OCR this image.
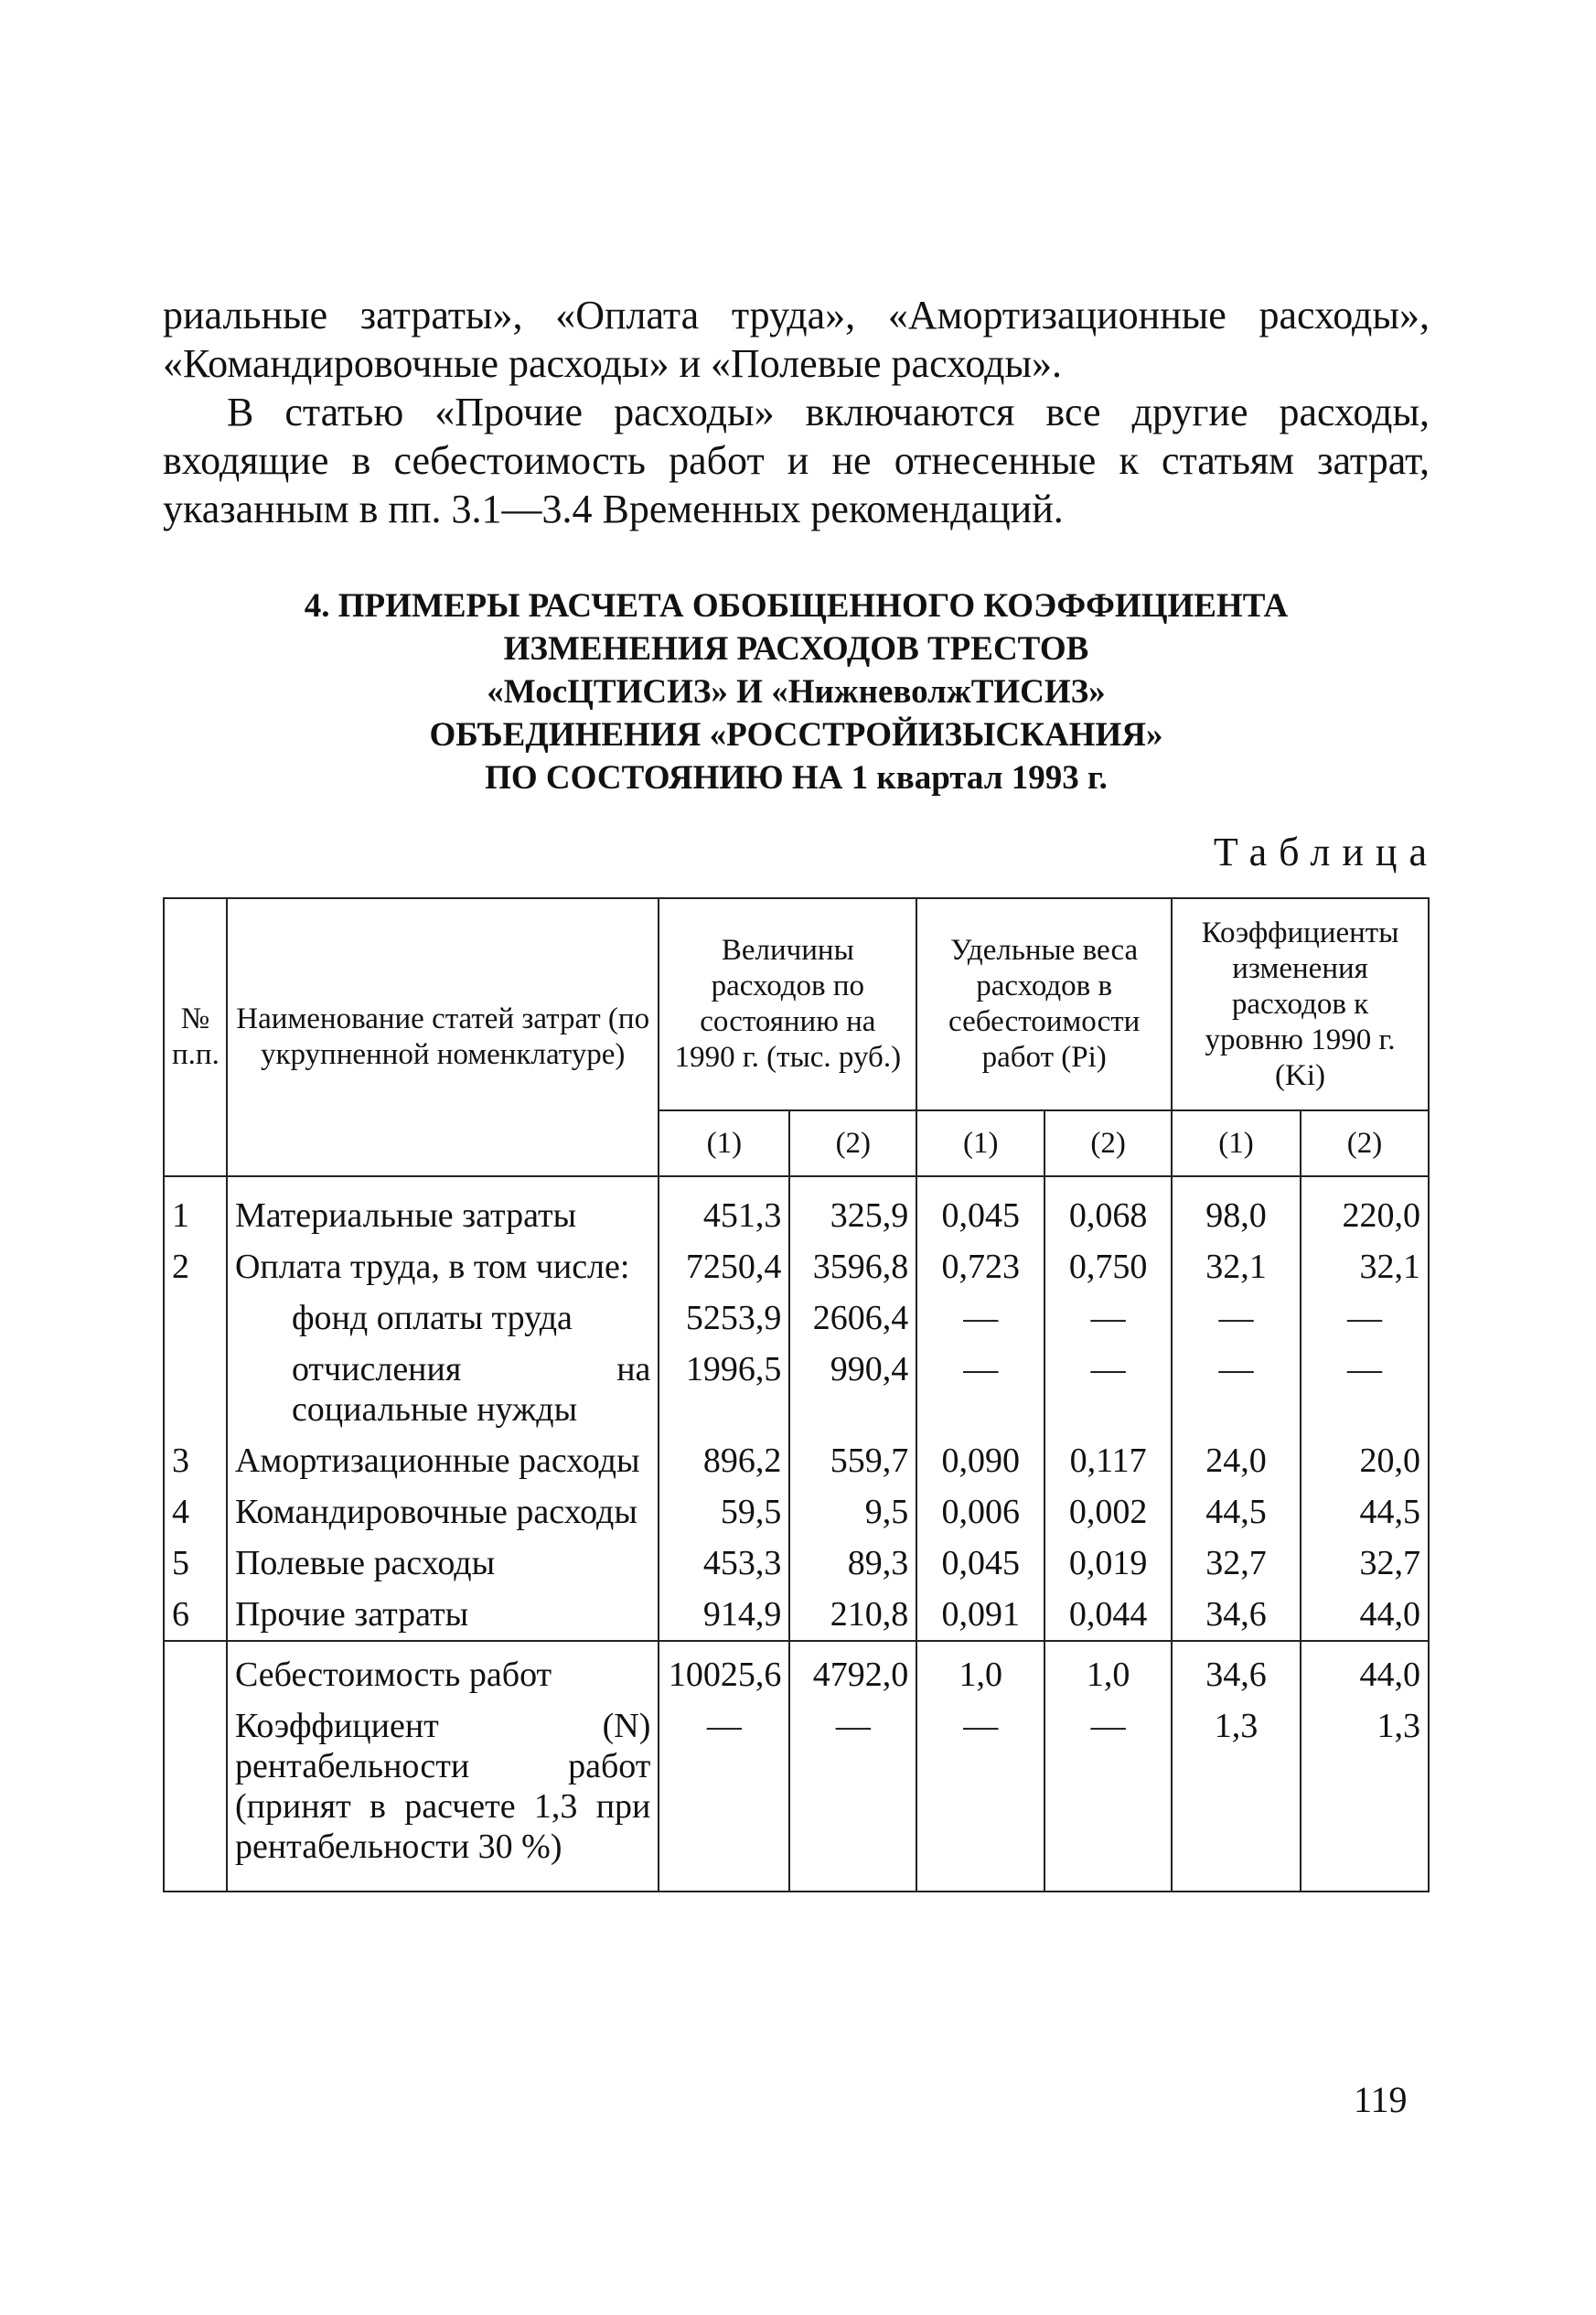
риальные затраты», «Оплата труда», «Амортизационные расходы», «Командировочные расходы» и «Полевые расходы».

В статью «Прочие расходы» включаются все другие расходы, входящие в себестоимость работ и не отнесенные к статьям затрат, указанным в пп. 3.1—3.4 Временных рекомендаций.

4. ПРИМЕРЫ РАСЧЕТА ОБОБЩЕННОГО КОЭФФИЦИЕНТА
ИЗМЕНЕНИЯ РАСХОДОВ ТРЕСТОВ
«МосЦТИСИЗ» И «НижневолжТИСИЗ»
ОБЪЕДИНЕНИЯ «РОССТРОЙИЗЫСКАНИЯ»
ПО СОСТОЯНИЮ НА 1 квартал 1993 г.
Таблица
№ п.п.	Наименование статей затрат (по укрупненной номенклатуре)	Величины расходов по состоянию на 1990 г. (тыс. руб.)		Удельные веса расходов в себестоимости работ (Pi)		Коэффициенты изменения расходов к уровню 1990 г. (Ki)	
		(1)	(2)	(1)	(2)	(1)	(2)
1	Материальные затраты	451,3	325,9	0,045	0,068	98,0	220,0
2	Оплата труда, в том числе:	7250,4	3596,8	0,723	0,750	32,1	32,1
	фонд оплаты труда	5253,9	2606,4	—	—	—	—
	отчисления на социальные нужды	1996,5	990,4	—	—	—	—
3	Амортизационные расходы	896,2	559,7	0,090	0,117	24,0	20,0
4	Командировочные расходы	59,5	9,5	0,006	0,002	44,5	44,5
5	Полевые расходы	453,3	89,3	0,045	0,019	32,7	32,7
6	Прочие затраты	914,9	210,8	0,091	0,044	34,6	44,0
	Себестоимость работ	10025,6	4792,0	1,0	1,0	34,6	44,0
	Коэффициент (N) рентабельности работ (принят в расчете 1,3 при рентабельности 30 %)	—	—	—	—	1,3	1,3
119
